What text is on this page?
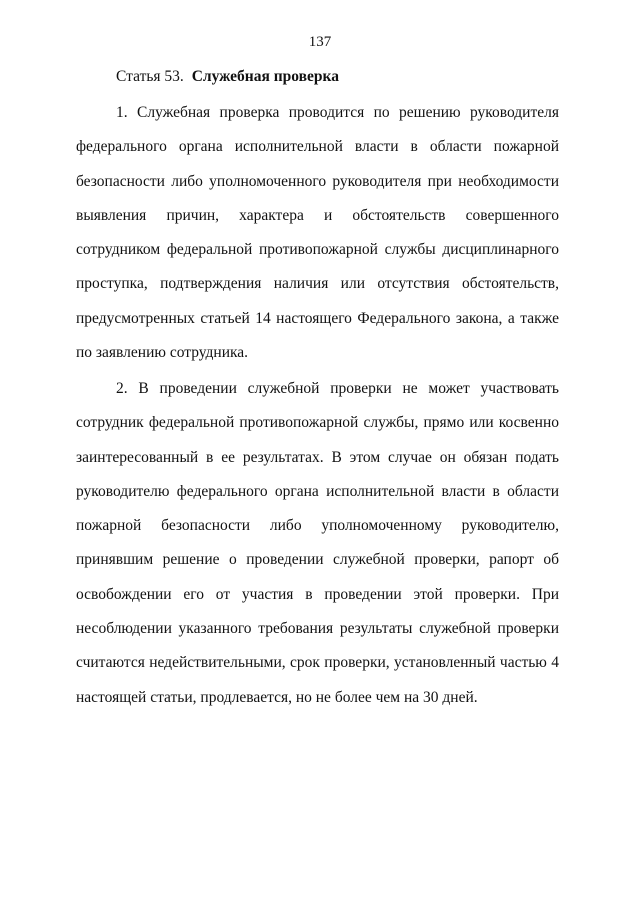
137
Статья 53. Служебная проверка

1. Служебная проверка проводится по решению руководителя федерального органа исполнительной власти в области пожарной безопасности либо уполномоченного руководителя при необходимости выявления причин, характера и обстоятельств совершенного сотрудником федеральной противопожарной службы дисциплинарного проступка, подтверждения наличия или отсутствия обстоятельств, предусмотренных статьей 14 настоящего Федерального закона, а также по заявлению сотрудника.

2. В проведении служебной проверки не может участвовать сотрудник федеральной противопожарной службы, прямо или косвенно заинтересованный в ее результатах. В этом случае он обязан подать руководителю федерального органа исполнительной власти в области пожарной безопасности либо уполномоченному руководителю, принявшим решение о проведении служебной проверки, рапорт об освобождении его от участия в проведении этой проверки. При несоблюдении указанного требования результаты служебной проверки считаются недействительными, срок проверки, установленный частью 4 настоящей статьи, продлевается, но не более чем на 30 дней.
